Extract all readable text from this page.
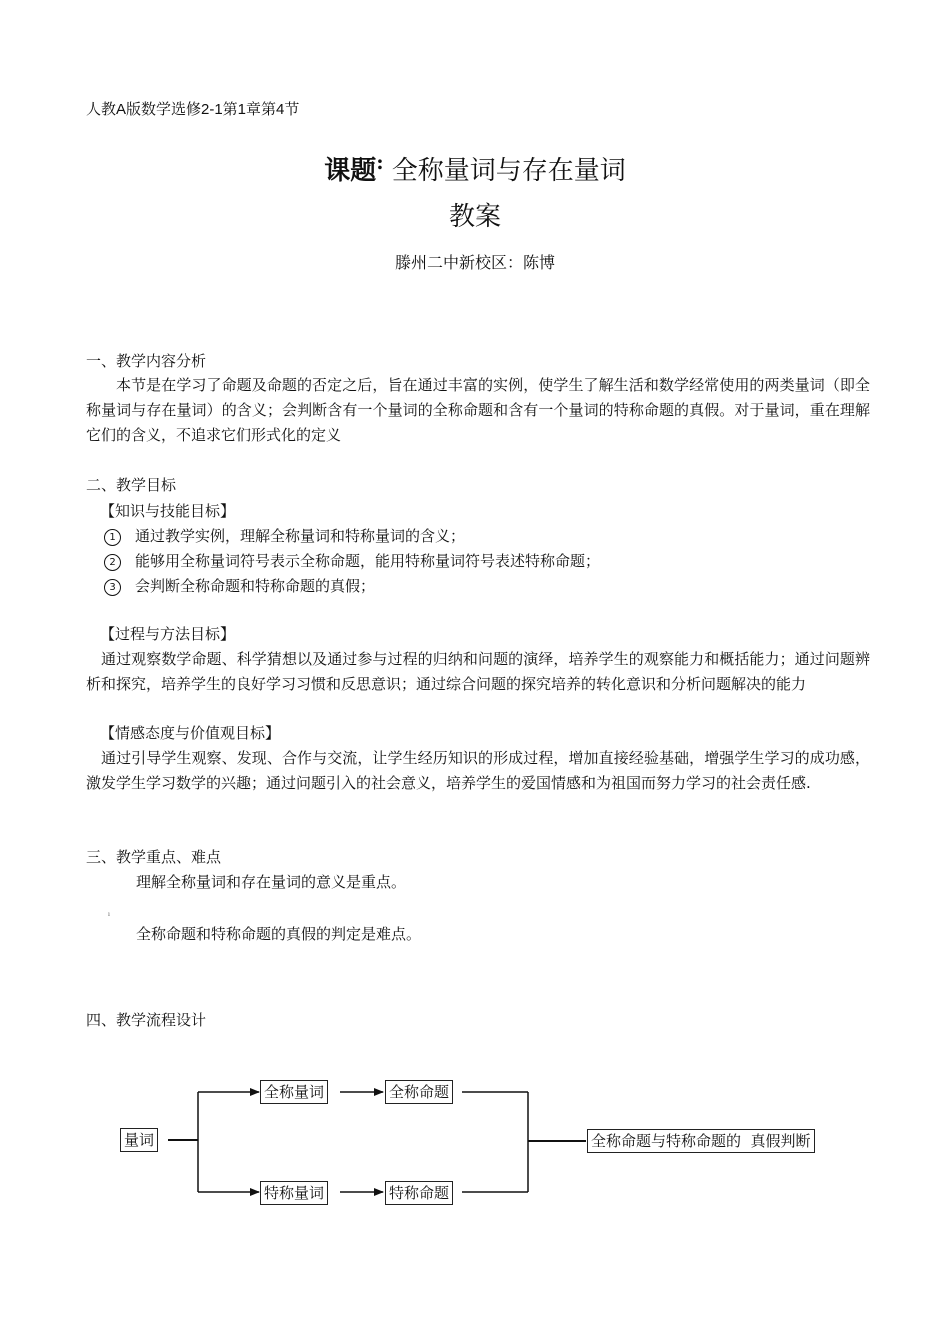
人教A版数学选修2-1第1章第4节
课题: 全称量词与存在量词
教案
滕州二中新校区：陈博
一、教学内容分析
本节是在学习了命题及命题的否定之后，旨在通过丰富的实例，使学生了解生活和数学经常使用的两类量词（即全称量词与存在量词）的含义；会判断含有一个量词的全称命题和含有一个量词的特称命题的真假。对于量词，重在理解它们的含义，不追求它们形式化的定义
二、教学目标
【知识与技能目标】
1 通过教学实例，理解全称量词和特称量词的含义；
2 能够用全称量词符号表示全称命题，能用特称量词符号表述特称命题；
3 会判断全称命题和特称命题的真假；
【过程与方法目标】
通过观察数学命题、科学猜想以及通过参与过程的归纳和问题的演绎，培养学生的观察能力和概括能力；通过问题辨析和探究，培养学生的良好学习习惯和反思意识；通过综合问题的探究培养的转化意识和分析问题解决的能力
【情感态度与价值观目标】
通过引导学生观察、发现、合作与交流，让学生经历知识的形成过程，增加直接经验基础，增强学生学习的成功感，激发学生学习数学的兴趣；通过问题引入的社会意义，培养学生的爱国情感和为祖国而努力学习的社会责任感.
三、教学重点、难点
理解全称量词和存在量词的意义是重点。
ˡ
全称命题和特称命题的真假的判定是难点。
四、教学流程设计
量词
全称量词	全称命题
特称量词	特称命题
全称命题与特称命题的  真假判断
